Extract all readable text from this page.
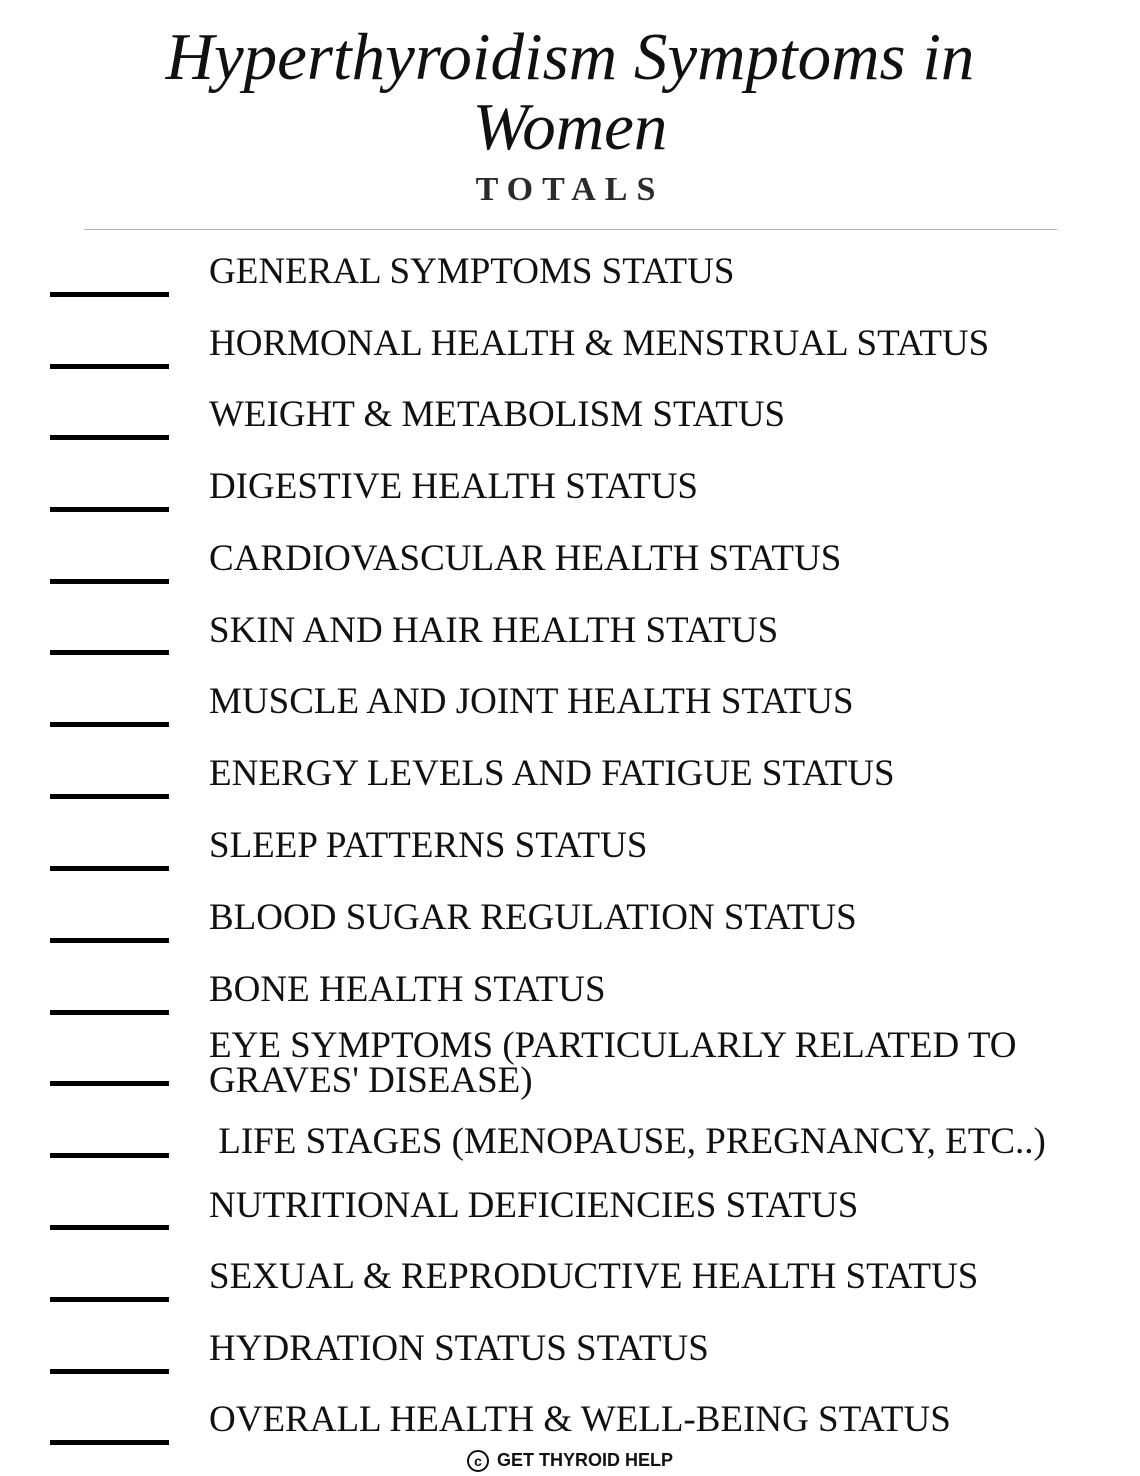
Hyperthyroidism Symptoms in
Women
TOTALS
GENERAL SYMPTOMS STATUS
HORMONAL HEALTH & MENSTRUAL STATUS
WEIGHT & METABOLISM STATUS
DIGESTIVE HEALTH STATUS
CARDIOVASCULAR HEALTH STATUS
SKIN AND HAIR HEALTH STATUS
MUSCLE AND JOINT HEALTH STATUS
ENERGY LEVELS AND FATIGUE STATUS
SLEEP PATTERNS STATUS
BLOOD SUGAR REGULATION STATUS
BONE HEALTH STATUS
EYE SYMPTOMS (PARTICULARLY RELATED TO GRAVES' DISEASE)
LIFE STAGES (MENOPAUSE, PREGNANCY, ETC..)
NUTRITIONAL DEFICIENCIES STATUS
SEXUAL & REPRODUCTIVE HEALTH STATUS
HYDRATION STATUS STATUS
OVERALL HEALTH & WELL-BEING STATUS
c GET THYROID HELP
